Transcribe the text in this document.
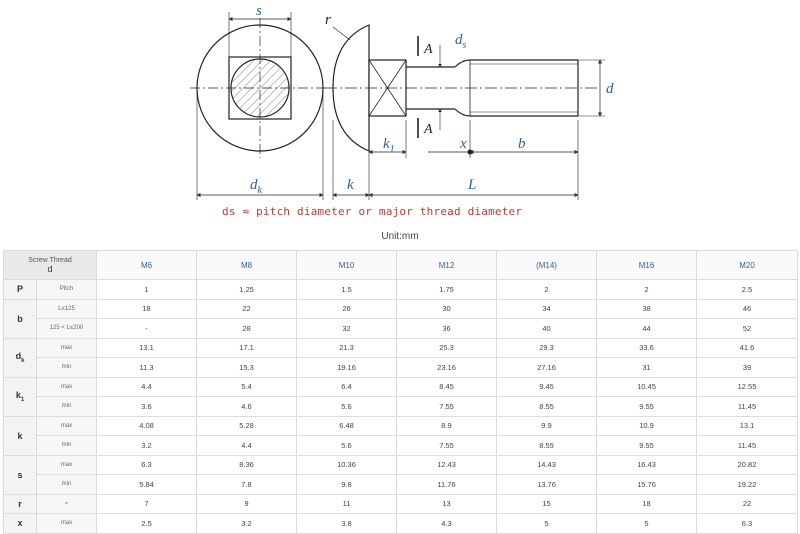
s
r
A
A
$d_s$
d
$k_1$	x	b
$d_k$	k	L
ds ≈ pitch diameter or major thread diameter
Unit:mm
Screw Thread
d		M6	M8	M10	M12	(M14)	M16	M20
P	Pitch	1	1.25	1.5	1.75	2	2	2.5
b	L≤125	18	22	26	30	34	38	46
	125 < L≤200	-	28	32	36	40	44	52
$d_k$	max	13.1	17.1	21.3	25.3	29.3	33.6	41.6
	min	11.3	15.3	19.16	23.16	27.16	31	39
$k_1$	max	4.4	5.4	6.4	8.45	9.45	10.45	12.55
	min	3.6	4.6	5.6	7.55	8.55	9.55	11.45
k	max	4.08	5.28	6.48	8.9	9.9	10.9	13.1
	min	3.2	4.4	5.6	7.55	8.55	9.55	11.45
s	max	6.3	8.36	10.36	12.43	14.43	16.43	20.82
	min	5.84	7.8	9.8	11.76	13.76	15.76	19.22
r	≈	7	9	11	13	15	18	22
x	max	2.5	3.2	3.8	4.3	5	5	6.3
